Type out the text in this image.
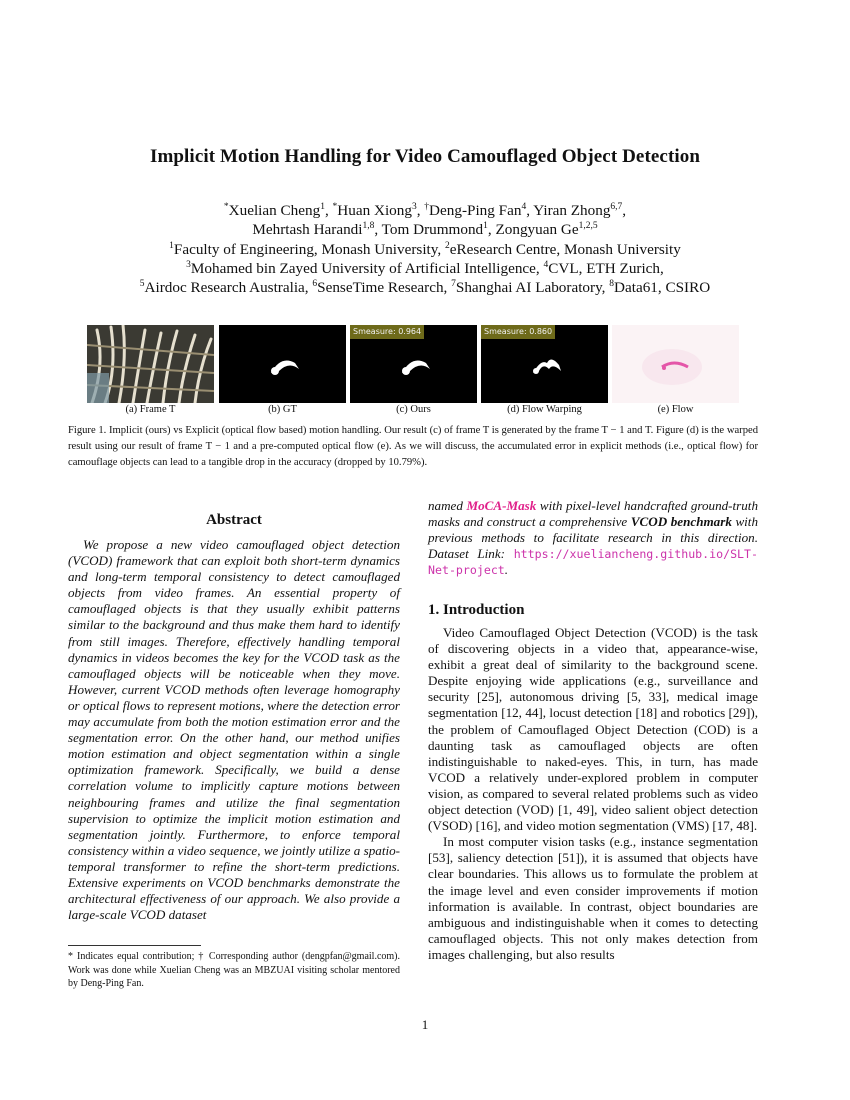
Implicit Motion Handling for Video Camouflaged Object Detection
*Xuelian Cheng$^1$, *Huan Xiong$^3$, †Deng-Ping Fan$^4$, Yiran Zhong$^{6,7}$,
Mehrtash Harandi$^{1,8}$, Tom Drummond$^1$, Zongyuan Ge$^{1,2,5}$
$^1$Faculty of Engineering, Monash University, $^2$eResearch Centre, Monash University
$^3$Mohamed bin Zayed University of Artificial Intelligence, $^4$CVL, ETH Zurich,
$^5$Airdoc Research Australia, $^6$SenseTime Research, $^7$Shanghai AI Laboratory, $^8$Data61, CSIRO
Smeasure: 0.964	Smeasure: 0.860
(a) Frame T	(b) GT	(c) Ours	(d) Flow Warping	(e) Flow
Figure 1. Implicit (ours) vs Explicit (optical flow based) motion handling. Our result (c) of frame T is generated by the frame T − 1 and T. Figure (d) is the warped result using our result of frame T − 1 and a pre-computed optical flow (e). As we will discuss, the accumulated error in explicit methods (i.e., optical flow) for camouflage objects can lead to a tangible drop in the accuracy (dropped by 10.79%).
Abstract
We propose a new video camouflaged object detection (VCOD) framework that can exploit both short-term dynamics and long-term temporal consistency to detect camouflaged objects from video frames. An essential property of camouflaged objects is that they usually exhibit patterns similar to the background and thus make them hard to identify from still images. Therefore, effectively handling temporal dynamics in videos becomes the key for the VCOD task as the camouflaged objects will be noticeable when they move. However, current VCOD methods often leverage homography or optical flows to represent motions, where the detection error may accumulate from both the motion estimation error and the segmentation error. On the other hand, our method unifies motion estimation and object segmentation within a single optimization framework. Specifically, we build a dense correlation volume to implicitly capture motions between neighbouring frames and utilize the final segmentation supervision to optimize the implicit motion estimation and segmentation jointly. Furthermore, to enforce temporal consistency within a video sequence, we jointly utilize a spatio-temporal transformer to refine the short-term predictions. Extensive experiments on VCOD benchmarks demonstrate the architectural effectiveness of our approach. We also provide a large-scale VCOD dataset
* Indicates equal contribution; † Corresponding author (dengpfan@gmail.com). Work was done while Xuelian Cheng was an MBZUAI visiting scholar mentored by Deng-Ping Fan.
named MoCA-Mask with pixel-level handcrafted ground-truth masks and construct a comprehensive VCOD benchmark with previous methods to facilitate research in this direction. Dataset Link: https://xueliancheng.github.io/SLT-Net-project.
1. Introduction

Video Camouflaged Object Detection (VCOD) is the task of discovering objects in a video that, appearance-wise, exhibit a great deal of similarity to the background scene. Despite enjoying wide applications (e.g., surveillance and security [25], autonomous driving [5, 33], medical image segmentation [12, 44], locust detection [18] and robotics [29]), the problem of Camouflaged Object Detection (COD) is a daunting task as camouflaged objects are often indistinguishable to naked-eyes. This, in turn, has made VCOD a relatively under-explored problem in computer vision, as compared to several related problems such as video object detection (VOD) [1, 49], video salient object detection (VSOD) [16], and video motion segmentation (VMS) [17, 48].

In most computer vision tasks (e.g., instance segmentation [53], saliency detection [51]), it is assumed that objects have clear boundaries. This allows us to formulate the problem at the image level and even consider improvements if motion information is available. In contrast, object boundaries are ambiguous and indistinguishable when it comes to detecting camouflaged objects. This not only makes detection from images challenging, but also results

1
